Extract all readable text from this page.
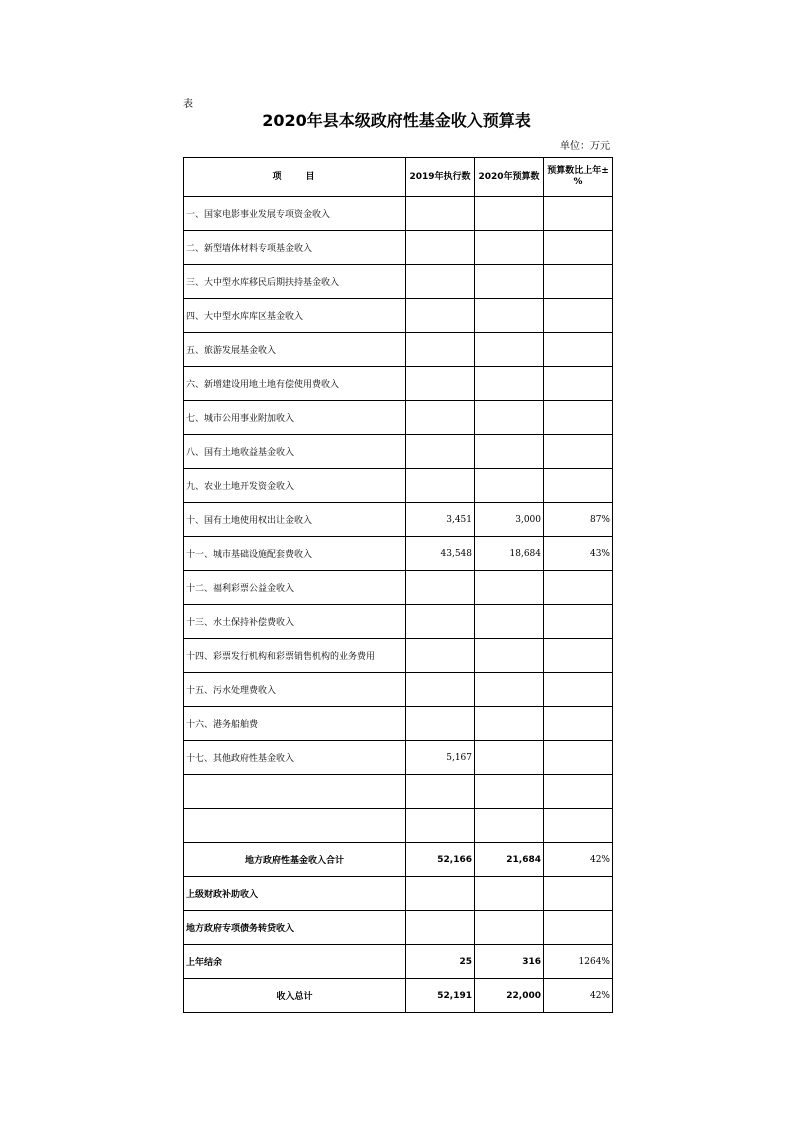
表
2020年县本级政府性基金收入预算表
单位：万元
项　　目	2019年执行数	2020年预算数	预算数比上年±%
一、国家电影事业发展专项资金收入			
二、新型墙体材料专项基金收入			
三、大中型水库移民后期扶持基金收入			
四、大中型水库库区基金收入			
五、旅游发展基金收入			
六、新增建设用地土地有偿使用费收入			
七、城市公用事业附加收入			
八、国有土地收益基金收入			
九、农业土地开发资金收入			
十、国有土地使用权出让金收入	3,451	3,000	87%
十一、城市基础设施配套费收入	43,548	18,684	43%
十二、福利彩票公益金收入			
十三、水土保持补偿费收入			
十四、彩票发行机构和彩票销售机构的业务费用			
十五、污水处理费收入			
十六、港务船舶费			
十七、其他政府性基金收入	5,167		

地方政府性基金收入合计	52,166	21,684	42%
上级财政补助收入			
地方政府专项债务转贷收入			
上年结余	25	316	1264%
收入总计	52,191	22,000	42%
